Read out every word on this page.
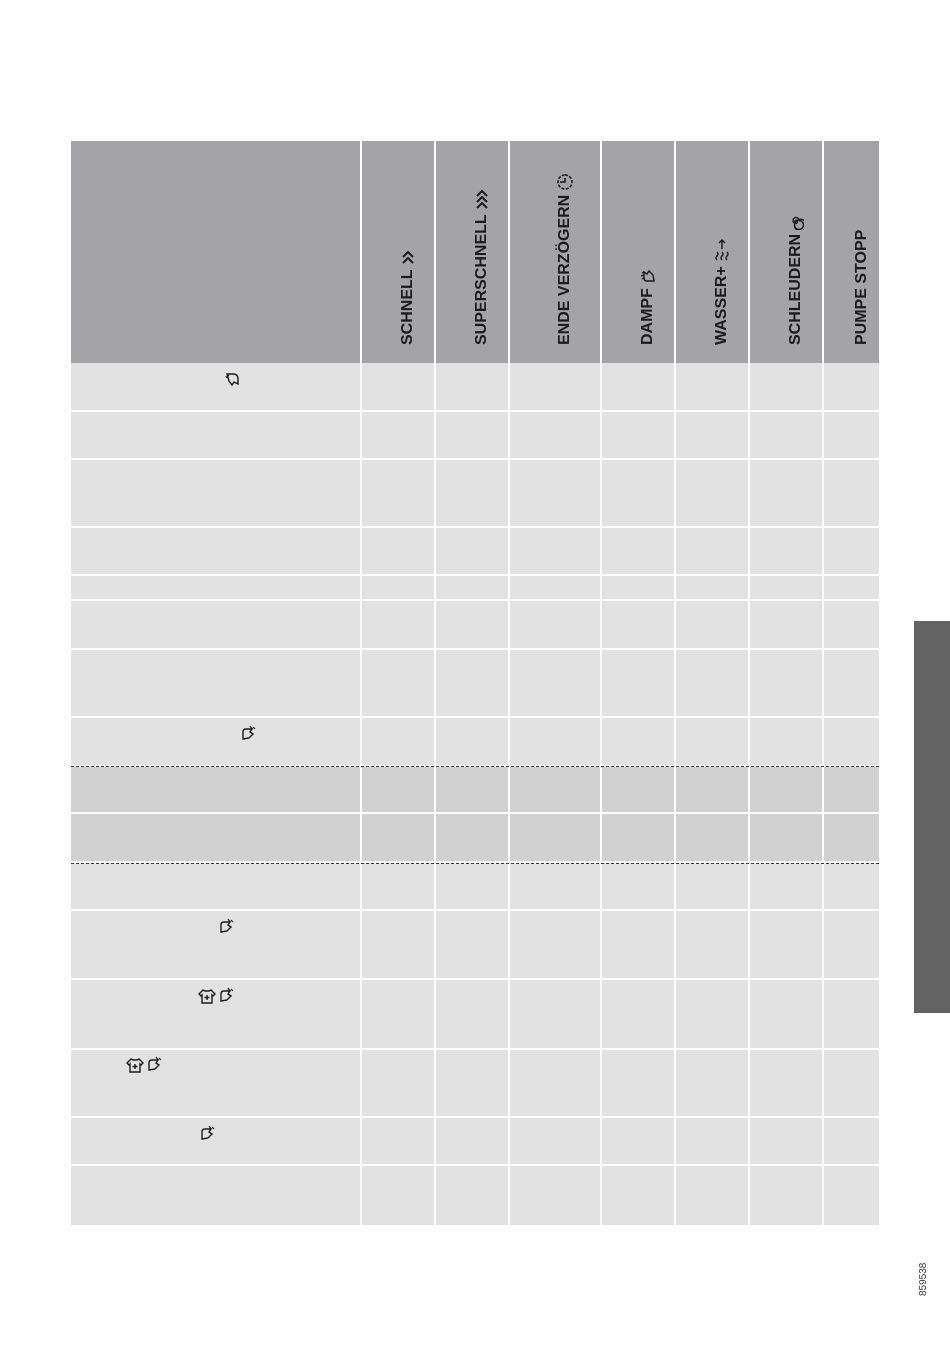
SCHNELL	SUPERSCHNELL	ENDE VERZÖGERN	DAMPF	WASSER+	SCHLEUDERN	PUMPE STOPP
859538
